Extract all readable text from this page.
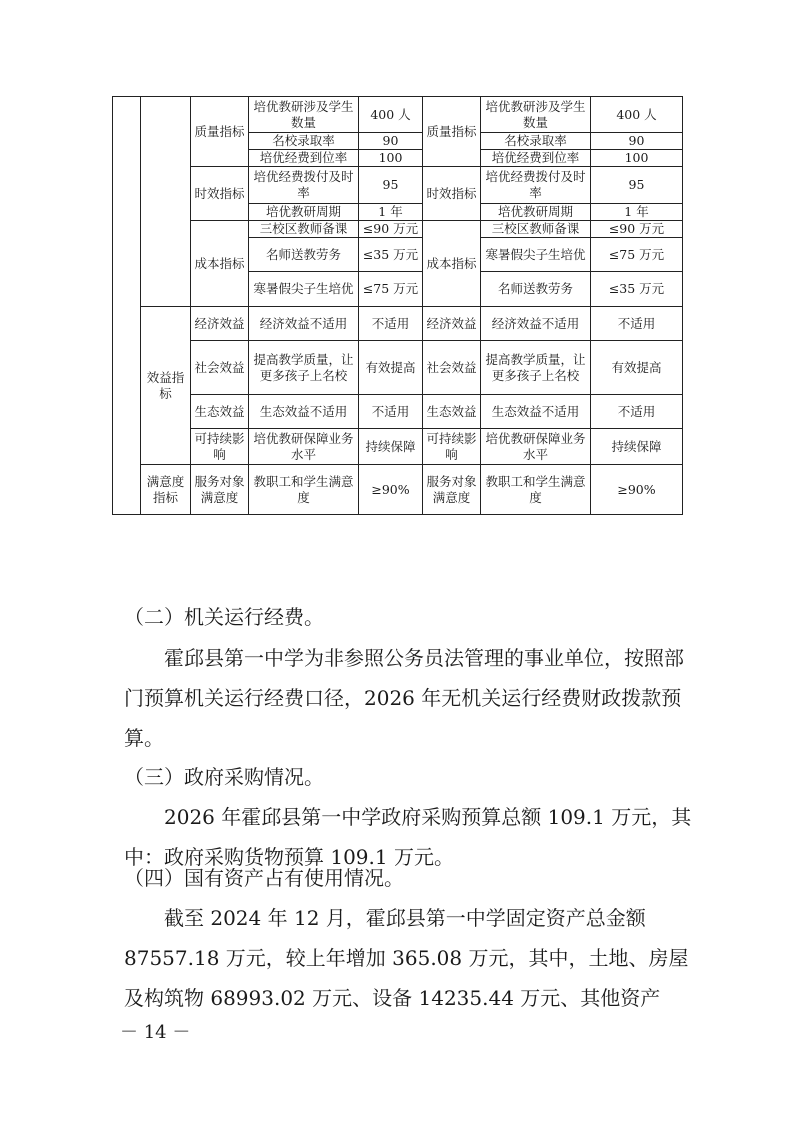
		质量指标	培优教研涉及学生数量	400 人	质量指标	培优教研涉及学生数量	400 人
			名校录取率	90		名校录取率	90
			培优经费到位率	100		培优经费到位率	100
		时效指标	培优经费拨付及时率	95	时效指标	培优经费拨付及时率	95
			培优教研周期	1 年		培优教研周期	1 年
		成本指标	三校区教师备课	≤90 万元	成本指标	三校区教师备课	≤90 万元
			名师送教劳务	≤35 万元		寒暑假尖子生培优	≤75 万元
			寒暑假尖子生培优	≤75 万元		名师送教劳务	≤35 万元

	效益指标	经济效益	经济效益不适用	不适用	经济效益	经济效益不适用	不适用
		社会效益	提高教学质量，让更多孩子上名校	有效提高	社会效益	提高教学质量，让更多孩子上名校	有效提高
		生态效益	生态效益不适用	不适用	生态效益	生态效益不适用	不适用
		可持续影响	培优教研保障业务水平	持续保障	可持续影响	培优教研保障业务水平	持续保障
	满意度指标	服务对象满意度	教职工和学生满意度	≥90%	服务对象满意度	教职工和学生满意度	≥90%

（二）机关运行经费。

霍邱县第一中学为非参照公务员法管理的事业单位，按照部门预算机关运行经费口径，2026 年无机关运行经费财政拨款预算。

（三）政府采购情况。

2026 年霍邱县第一中学政府采购预算总额 109.1 万元，其中：政府采购货物预算 109.1 万元。

（四）国有资产占有使用情况。

截至 2024 年 12 月，霍邱县第一中学固定资产总金额 87557.18 万元，较上年增加 365.08 万元，其中，土地、房屋及构筑物 68993.02 万元、设备 14235.44 万元、其他资产

－ 14 －
